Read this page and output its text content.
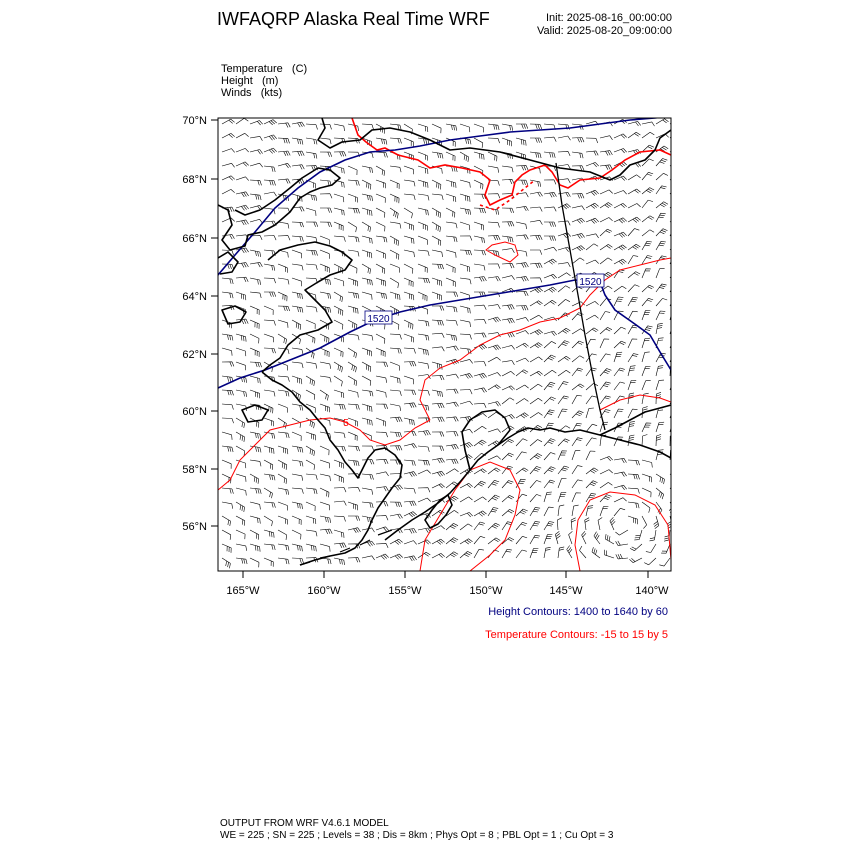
IWFAQRP Alaska Real Time WRF	Init: 2025-08-16_00:00:00
Valid: 2025-08-20_09:00:00
Temperature   (C)
Height   (m)
Winds   (kts)
1520
1520
5
70°N
68°N
66°N
64°N
62°N
60°N
58°N
56°N
165°W	160°W	155°W	150°W	145°W	140°W
Height Contours: 1400 to 1640 by 60
Temperature Contours: -15 to 15 by 5
OUTPUT FROM WRF V4.6.1 MODEL
WE = 225 ; SN = 225 ; Levels = 38 ; Dis = 8km ; Phys Opt = 8 ; PBL Opt = 1 ; Cu Opt = 3
